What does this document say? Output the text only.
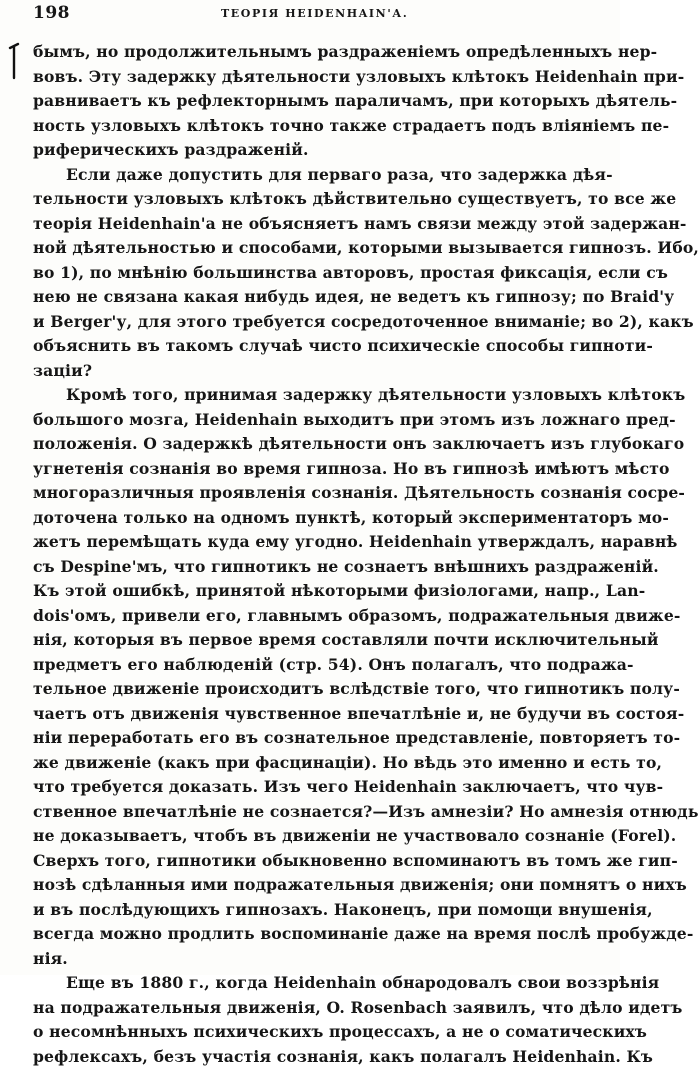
198	ТЕОРІЯ HEIDENHAIN'А.
бымъ, но продолжительнымъ раздраженіемъ опредѣленныхъ нер-
вовъ. Эту задержку дѣятельности узловыхъ клѣтокъ Heidenhain при-
равниваетъ къ рефлекторнымъ параличамъ, при которыхъ дѣятель-
ность узловыхъ клѣтокъ точно также страдаетъ подъ вліяніемъ пе-
риферическихъ раздраженій.
Если даже допустить для перваго раза, что задержка дѣя-
тельности узловыхъ клѣтокъ дѣйствительно существуетъ, то все же
теорія Heidenhain'а не объясняетъ намъ связи между этой задержан-
ной дѣятельностью и способами, которыми вызывается гипнозъ. Ибо,
во 1), по мнѣнію большинства авторовъ, простая фиксація, если съ
нею не связана какая нибудь идея, не ведетъ къ гипнозу; по Braid'у
и Berger'у, для этого требуется сосредоточенное вниманіе; во 2), какъ
объяснить въ такомъ случаѣ чисто психическіе способы гипноти-
заціи?
Кромѣ того, принимая задержку дѣятельности узловыхъ клѣтокъ
большого мозга, Heidenhain выходитъ при этомъ изъ ложнаго пред-
положенія. О задержкѣ дѣятельности онъ заключаетъ изъ глубокаго
угнетенія сознанія во время гипноза. Но въ гипнозѣ имѣютъ мѣсто
многоразличныя проявленія сознанія. Дѣятельность сознанія сосре-
доточена только на одномъ пунктѣ, который экспериментаторъ мо-
жетъ перемѣщать куда ему угодно. Heidenhain утверждалъ, наравнѣ
съ Despine'мъ, что гипнотикъ не сознаетъ внѣшнихъ раздраженій.
Къ этой ошибкѣ, принятой нѣкоторыми физіологами, напр., Lan-
dois'омъ, привели его, главнымъ образомъ, подражательныя движе-
нія, которыя въ первое время составляли почти исключительный
предметъ его наблюденій (стр. 54). Онъ полагалъ, что подража-
тельное движеніе происходитъ вслѣдствіе того, что гипнотикъ полу-
чаетъ отъ движенія чувственное впечатлѣніе и, не будучи въ состоя-
ніи переработать его въ сознательное представленіе, повторяетъ то-
же движеніе (какъ при фасцинаціи). Но вѣдь это именно и есть то,
что требуется доказать. Изъ чего Heidenhain заключаетъ, что чув-
ственное впечатлѣніе не сознается?—Изъ амнезіи? Но амнезія отнюдь
не доказываетъ, чтобъ въ движеніи не участвовало сознаніе (Forel).
Сверхъ того, гипнотики обыкновенно вспоминаютъ въ томъ же гип-
нозѣ сдѣланныя ими подражательныя движенія; они помнятъ о нихъ
и въ послѣдующихъ гипнозахъ. Наконецъ, при помощи внушенія,
всегда можно продлить воспоминаніе даже на время послѣ пробужде-
нія.
Еще въ 1880 г., когда Heidenhain обнародовалъ свои воззрѣнія
на подражательныя движенія, O. Rosenbach заявилъ, что дѣло идетъ
о несомнѣнныхъ психическихъ процессахъ, а не о соматическихъ
рефлексахъ, безъ участія сознанія, какъ полагалъ Heidenhain. Къ
